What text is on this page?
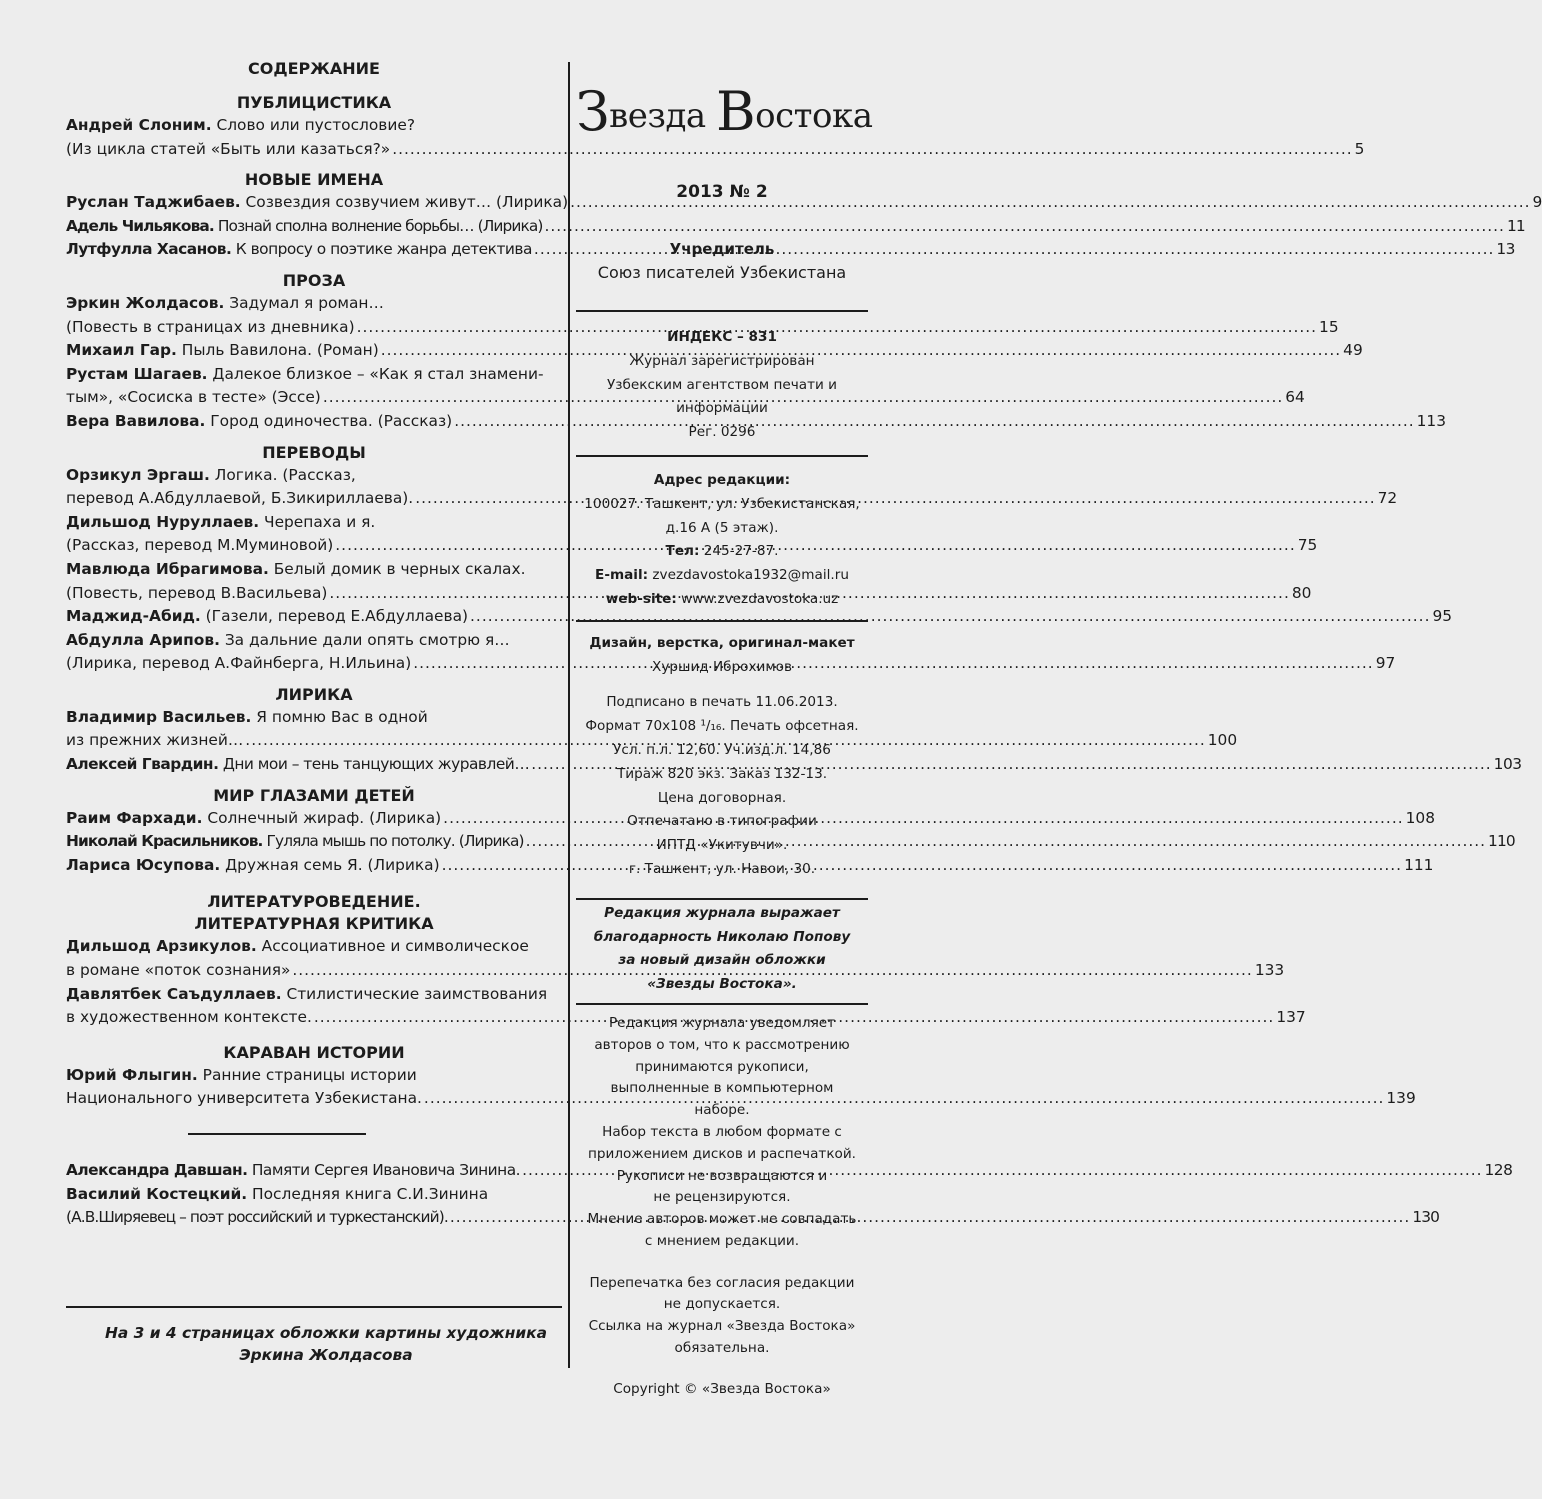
СОДЕРЖАНИЕ
ПУБЛИЦИСТИКА
Андрей Слоним. Слово или пустословие?
(Из цикла статей «Быть или казаться?» .....	5
НОВЫЕ ИМЕНА
Руслан Таджибаев. Созвездия созвучием живут… (Лирика) .....	9
Адель Чильякова. Познай сполна волнение борьбы… (Лирика) .....	11
Лутфулла Хасанов. К вопросу о поэтике жанра детектива .....	13
ПРОЗА
Эркин Жолдасов. Задумал я роман…
(Повесть в страницах из дневника) .....	15
Михаил Гар. Пыль Вавилона. (Роман) .....	49
Рустам Шагаев. Далекое близкое – «Как я стал знамени-
тым», «Сосиска в тесте» (Эссе) .....	64
Вера Вавилова. Город одиночества. (Рассказ) .....	113
ПЕРЕВОДЫ
Орзикул Эргаш. Логика. (Рассказ,
перевод А.Абдуллаевой, Б.Зикириллаева). .....	72
Дильшод Нуруллаев. Черепаха и я.
(Рассказ, перевод М.Муминовой) .....	75
Мавлюда Ибрагимова. Белый домик в черных скалах.
(Повесть, перевод В.Васильева) .....	80
Маджид-Абид. (Газели, перевод Е.Абдуллаева) .....	95
Абдулла Арипов. За дальние дали опять смотрю я…
(Лирика, перевод А.Файнберга, Н.Ильина) .....	97
ЛИРИКА
Владимир Васильев. Я помню Вас в одной
из прежних жизней… .....	100
Алексей Гвардин. Дни мои – тень танцующих журавлей… .....	103
МИР ГЛАЗАМИ ДЕТЕЙ
Раим Фархади. Солнечный жираф. (Лирика) .....	108
Николай Красильников. Гуляла мышь по потолку. (Лирика) .....	110
Лариса Юсупова. Дружная семь Я. (Лирика) .....	111
ЛИТЕРАТУРОВЕДЕНИЕ.
ЛИТЕРАТУРНАЯ КРИТИКА
Дильшод Арзикулов. Ассоциативное и символическое
в романе «поток сознания» .....	133
Давлятбек Саъдуллаев. Стилистические заимствования
в художественном контексте. .....	137
КАРАВАН ИСТОРИИ
Юрий Флыгин. Ранние страницы истории
Национального университета Узбекистана. .....	139
Александра Давшан. Памяти Сергея Ивановича Зинина. .....	128
Василий Костецкий. Последняя книга С.И.Зинина
(А.В.Ширяевец – поэт российский и туркестанский). .....	130
На 3 и 4 страницах обложки картины художника
Эркина Жолдасова
Звезда Востока
2013 № 2
Учредитель
Союз писателей Узбекистана
ИНДЕКС – 831
Журнал зарегистрирован
Узбекским агентством печати и
информации
Рег. 0296
Адрес редакции:
100027. Ташкент, ул. Узбекистанская,
д.16 А (5 этаж).
Тел: 245-27-87.
E-mail: zvezdavostoka1932@mail.ru
web-site: www.zvezdavostoka.uz
Дизайн, верстка, оригинал-макет
Хуршид Иброхимов
Подписано в печать 11.06.2013.
Формат 70х108 ¹/₁₆. Печать офсетная.
Усл. п.л. 12,60. Уч.изд.л. 14,86
Тираж 820 экз. Заказ 132-13.
Цена договорная.
Отпечатано в типографии
ИПТД «Укитувчи».
г. Ташкент, ул. Навои, 30.
Редакция журнала выражает
благодарность Николаю Попову
за новый дизайн обложки
«Звезды Востока».
Редакция журнала уведомляет
авторов о том, что к рассмотрению
принимаются рукописи,
выполненные в компьютерном
наборе.
Набор текста в любом формате с
приложением дисков и распечаткой.
Рукописи не возвращаются и
не рецензируются.
Мнение авторов может не совпадать
с мнением редакции.
Перепечатка без согласия редакции
не допускается.
Ссылка на журнал «Звезда Востока»
обязательна.
Copyright © «Звезда Востока»
